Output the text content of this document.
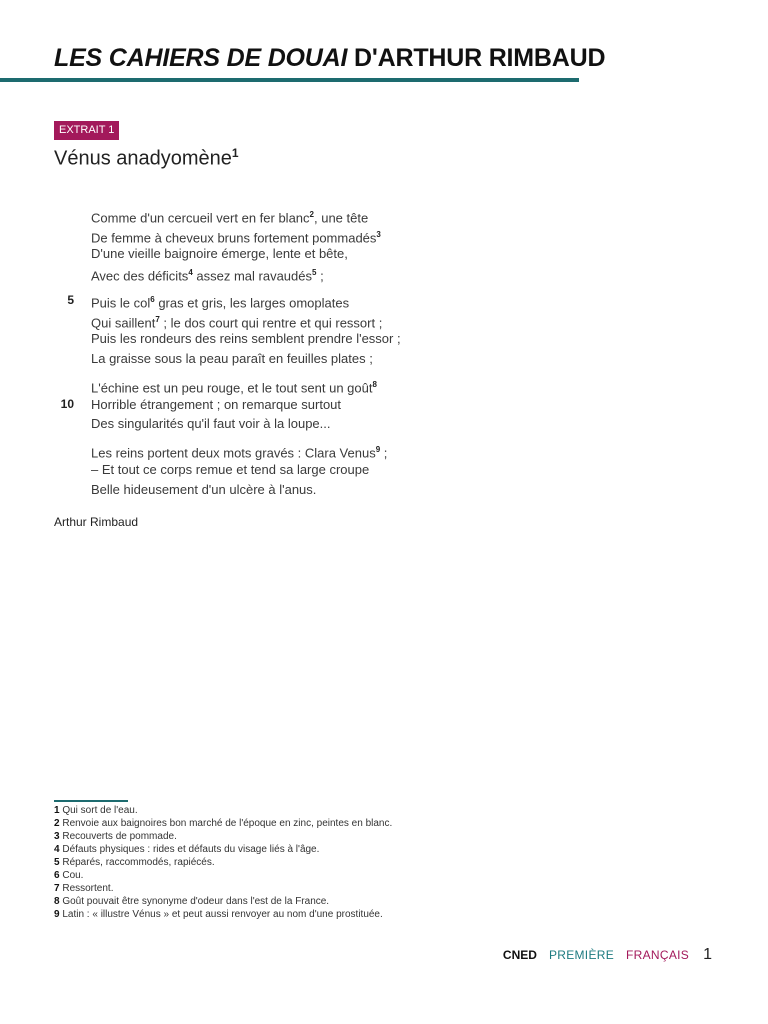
LES CAHIERS DE DOUAI D'ARTHUR RIMBAUD
EXTRAIT 1
Vénus anadyomène$^1$
Comme d'un cercueil vert en fer blanc$^2$, une tête
De femme à cheveux bruns fortement pommadés$^3$
D'une vieille baignoire émerge, lente et bête,
Avec des déficits$^4$ assez mal ravaudés$^5$ ;
5 Puis le col$^6$ gras et gris, les larges omoplates
Qui saillent$^7$ ; le dos court qui rentre et qui ressort ;
Puis les rondeurs des reins semblent prendre l'essor ;
La graisse sous la peau paraît en feuilles plates ;
L'échine est un peu rouge, et le tout sent un goût$^8$
10 Horrible étrangement ; on remarque surtout
Des singularités qu'il faut voir à la loupe...
Les reins portent deux mots gravés : Clara Venus$^9$ ;
– Et tout ce corps remue et tend sa large croupe
Belle hideusement d'un ulcère à l'anus.
Arthur Rimbaud
1 Qui sort de l'eau.
2 Renvoie aux baignoires bon marché de l'époque en zinc, peintes en blanc.
3 Recouverts de pommade.
4 Défauts physiques : rides et défauts du visage liés à l'âge.
5 Réparés, raccommodés, rapiécés.
6 Cou.
7 Ressortent.
8 Goût pouvait être synonyme d'odeur dans l'est de la France.
9 Latin : « illustre Vénus » et peut aussi renvoyer au nom d'une prostituée.
CNED PREMIÈRE FRANÇAIS 1
